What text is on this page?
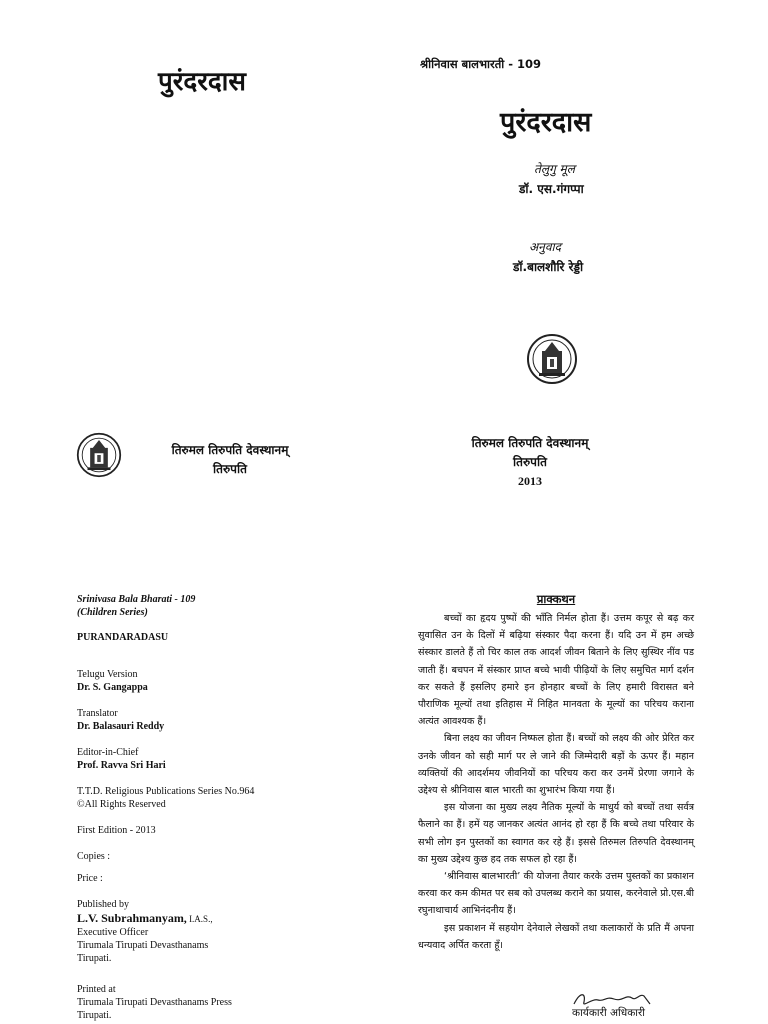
पुरंदरदास
श्रीनिवास बालभारती - 109
पुरंदरदास
तेलुगु मूल
डॉ. एस.गंगप्पा
अनुवाद
डॉ.बालशौरि रेड्डी
तिरुमल तिरुपति देवस्थानम्
तिरुपति
2013
तिरुमल तिरुपति देवस्थानम्
तिरुपति
Srinivasa Bala Bharati - 109
(Children Series)
PURANDARADASU
Telugu Version
Dr. S. Gangappa
Translator
Dr. Balasauri Reddy
Editor-in-Chief
Prof. Ravva Sri Hari
T.T.D. Religious Publications Series No.964
©All Rights Reserved
First Edition - 2013
Copies :
Price :
Published by
L.V. Subrahmanyam, I.A.S.,
Executive Officer
Tirumala Tirupati Devasthanams
Tirupati.
Printed at
Tirumala Tirupati Devasthanams Press
Tirupati.
प्राक्कथन

बच्चों का हृदय पुष्पों की भाँति निर्मल होता हैं। उत्तम कपूर से बढ़ कर सुवासित उन के दिलों में बढ़िया संस्कार पैदा करना हैं। यदि उन में हम अच्छे संस्कार डालते हैं तो चिर काल तक आदर्श जीवन बिताने के लिए सुस्थिर नींव पड जाती हैं। बचपन में संस्कार प्राप्त बच्चे भावी पीढ़ियों के लिए समुचित मार्ग दर्शन कर सकते हैं इसलिए हमारे इन होनहार बच्चों के लिए हमारी विरासत बने पौराणिक मूल्यों तथा इतिहास में निहित मानवता के मूल्यों का परिचय कराना अत्यंत आवश्यक हैं।

बिना लक्ष्य का जीवन निष्फल होता हैं। बच्चों को लक्ष्य की ओर प्रेरित कर उनके जीवन को सही मार्ग पर ले जाने की जिम्मेदारी बड़ों के ऊपर हैं। महान व्यक्तियों की आदर्शमय जीवनियों का परिचय करा कर उनमें प्रेरणा जगाने के उद्देश्य से श्रीनिवास बाल भारती का शुभारंभ किया गया हैं।

इस योजना का मुख्य लक्ष्य नैतिक मूल्यों के माधुर्य को बच्चों तथा सर्वत्र फैलाने का हैं। हमें यह जानकर अत्यंत आनंद हो रहा हैं कि बच्चे तथा परिवार के सभी लोग इन पुस्तकों का स्वागत कर रहे हैं। इससे तिरुमल तिरुपति देवस्थानम् का मुख्य उद्देश्य कुछ हद तक सफल हो रहा हैं।

‘श्रीनिवास बालभारती’ की योजना तैयार करके उत्तम पुस्तकों का प्रकाशन करवा कर कम कीमत पर सब को उपलब्ध कराने का प्रयास, करनेवाले प्रो.एस.बी रघुनाथाचार्य आभिनंदनीय हैं।

इस प्रकाशन में सहयोग देनेवाले लेखकों तथा कलाकारों के प्रति मैं अपना धन्यवाद अर्पित करता हूँ।

कार्यकारी अधिकारी
